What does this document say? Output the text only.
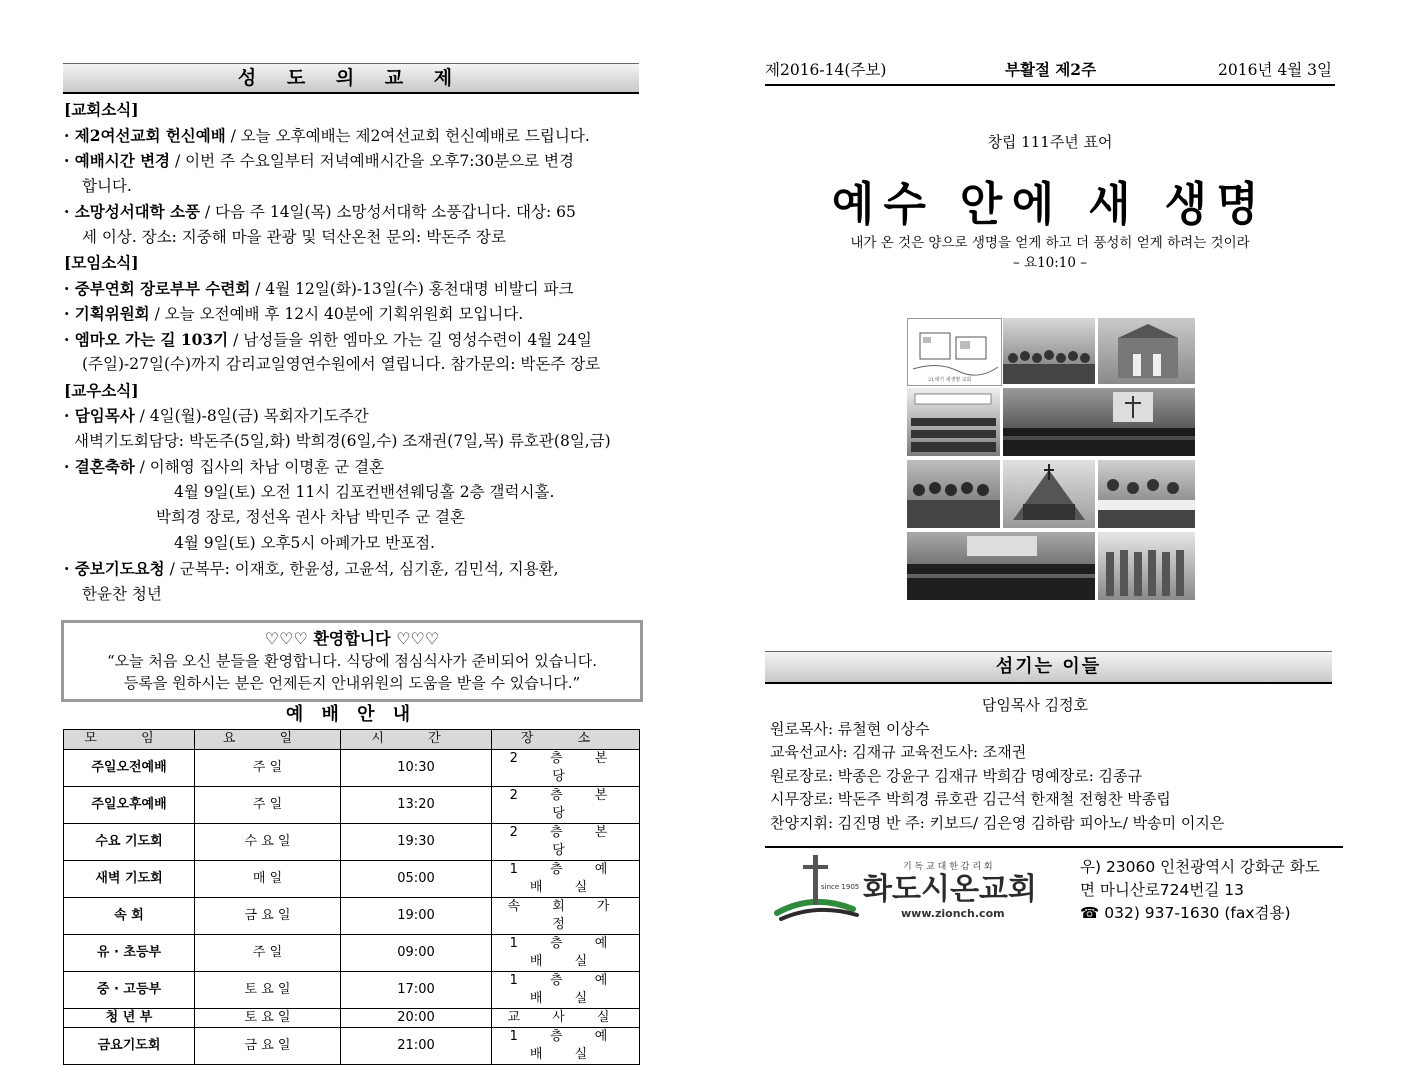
성 도 의 교 제
[교회소식]
· 제2여선교회 헌신예배 / 오늘 오후예배는 제2여선교회 헌신예배로 드립니다.
· 예배시간 변경 / 이번 주 수요일부터 저녁예배시간을 오후7:30분으로 변경
합니다.
· 소망성서대학 소풍 / 다음 주 14일(목) 소망성서대학 소풍갑니다. 대상: 65
세 이상. 장소: 지중해 마을 관광 및 덕산온천 문의: 박돈주 장로
[모임소식]
· 중부연회 장로부부 수련회 / 4월 12일(화)-13일(수) 홍천대명 비발디 파크
· 기획위원회 / 오늘 오전예배 후 12시 40분에 기획위원회 모입니다.
· 엠마오 가는 길 103기 / 남성들을 위한 엠마오 가는 길 영성수련이 4월 24일
(주일)-27일(수)까지 감리교일영연수원에서 열립니다. 참가문의: 박돈주 장로
[교우소식]
· 담임목사 / 4일(월)-8일(금) 목회자기도주간
새벽기도회담당: 박돈주(5일,화) 박희경(6일,수) 조재권(7일,목) 류호관(8일,금)
· 결혼축하 / 이해영 집사의 차남 이명훈 군 결혼
4월 9일(토) 오전 11시 김포컨밴션웨딩홀 2층 갤럭시홀.
박희경 장로, 정선옥 권사 차남 박민주 군 결혼
4월 9일(토) 오후5시 아폐가모 반포점.
· 중보기도요청 / 군복무: 이재호, 한윤성, 고윤석, 심기훈, 김민석, 지용환,
한윤찬 청년
♡♡♡ 환영합니다 ♡♡♡
“오늘 처음 오신 분들을 환영합니다. 식당에 점심식사가 준비되어 있습니다.
등록을 원하시는 분은 언제든지 안내위원의 도움을 받을 수 있습니다.”
예 배 안 내
모 임	요 일	시 간	장 소
주일오전예배	주 일	10:30	2 층 본 당
주일오후예배	주 일	13:20	2 층 본 당
수요 기도회	수 요 일	19:30	2 층 본 당
새벽 기도회	매 일	05:00	1 층 예 배 실
속 회	금 요 일	19:00	속 회 가 정
유 · 초등부	주 일	09:00	1 층 예 배 실
중 · 고등부	토 요 일	17:00	1 층 예 배 실
청 년 부	토 요 일	20:00	교 사 실
금요기도회	금 요 일	21:00	1 층 예 배 실
제2016-14(주보)	부활절 제2주	2016년 4월 3일
창립 111주년 표어
예수 안에 새 생명
내가 온 것은 양으로 생명을 얻게 하고 더 풍성히 얻게 하려는 것이라
– 요10:10 –
21세기 새생명 교회
섬기는 이들
담임목사 김정호
원로목사: 류철현 이상수
교육선교사: 김재규 교육전도사: 조재권
원로장로: 박종은 강윤구 김재규 박희감 명예장로: 김종규
시무장로: 박돈주 박희경 류호관 김근석 한재철 전형찬 박종립
찬양지휘: 김진명 반 주: 키보드/ 김은영 김하람 피아노/ 박송미 이지은
since 1905
기 독 교 대 한 감 리 회
화도시온교회
www.zionch.com
우) 23060 인천광역시 강화군 화도
면 마니산로724번길 13
☎ 032) 937-1630 (fax겸용)
